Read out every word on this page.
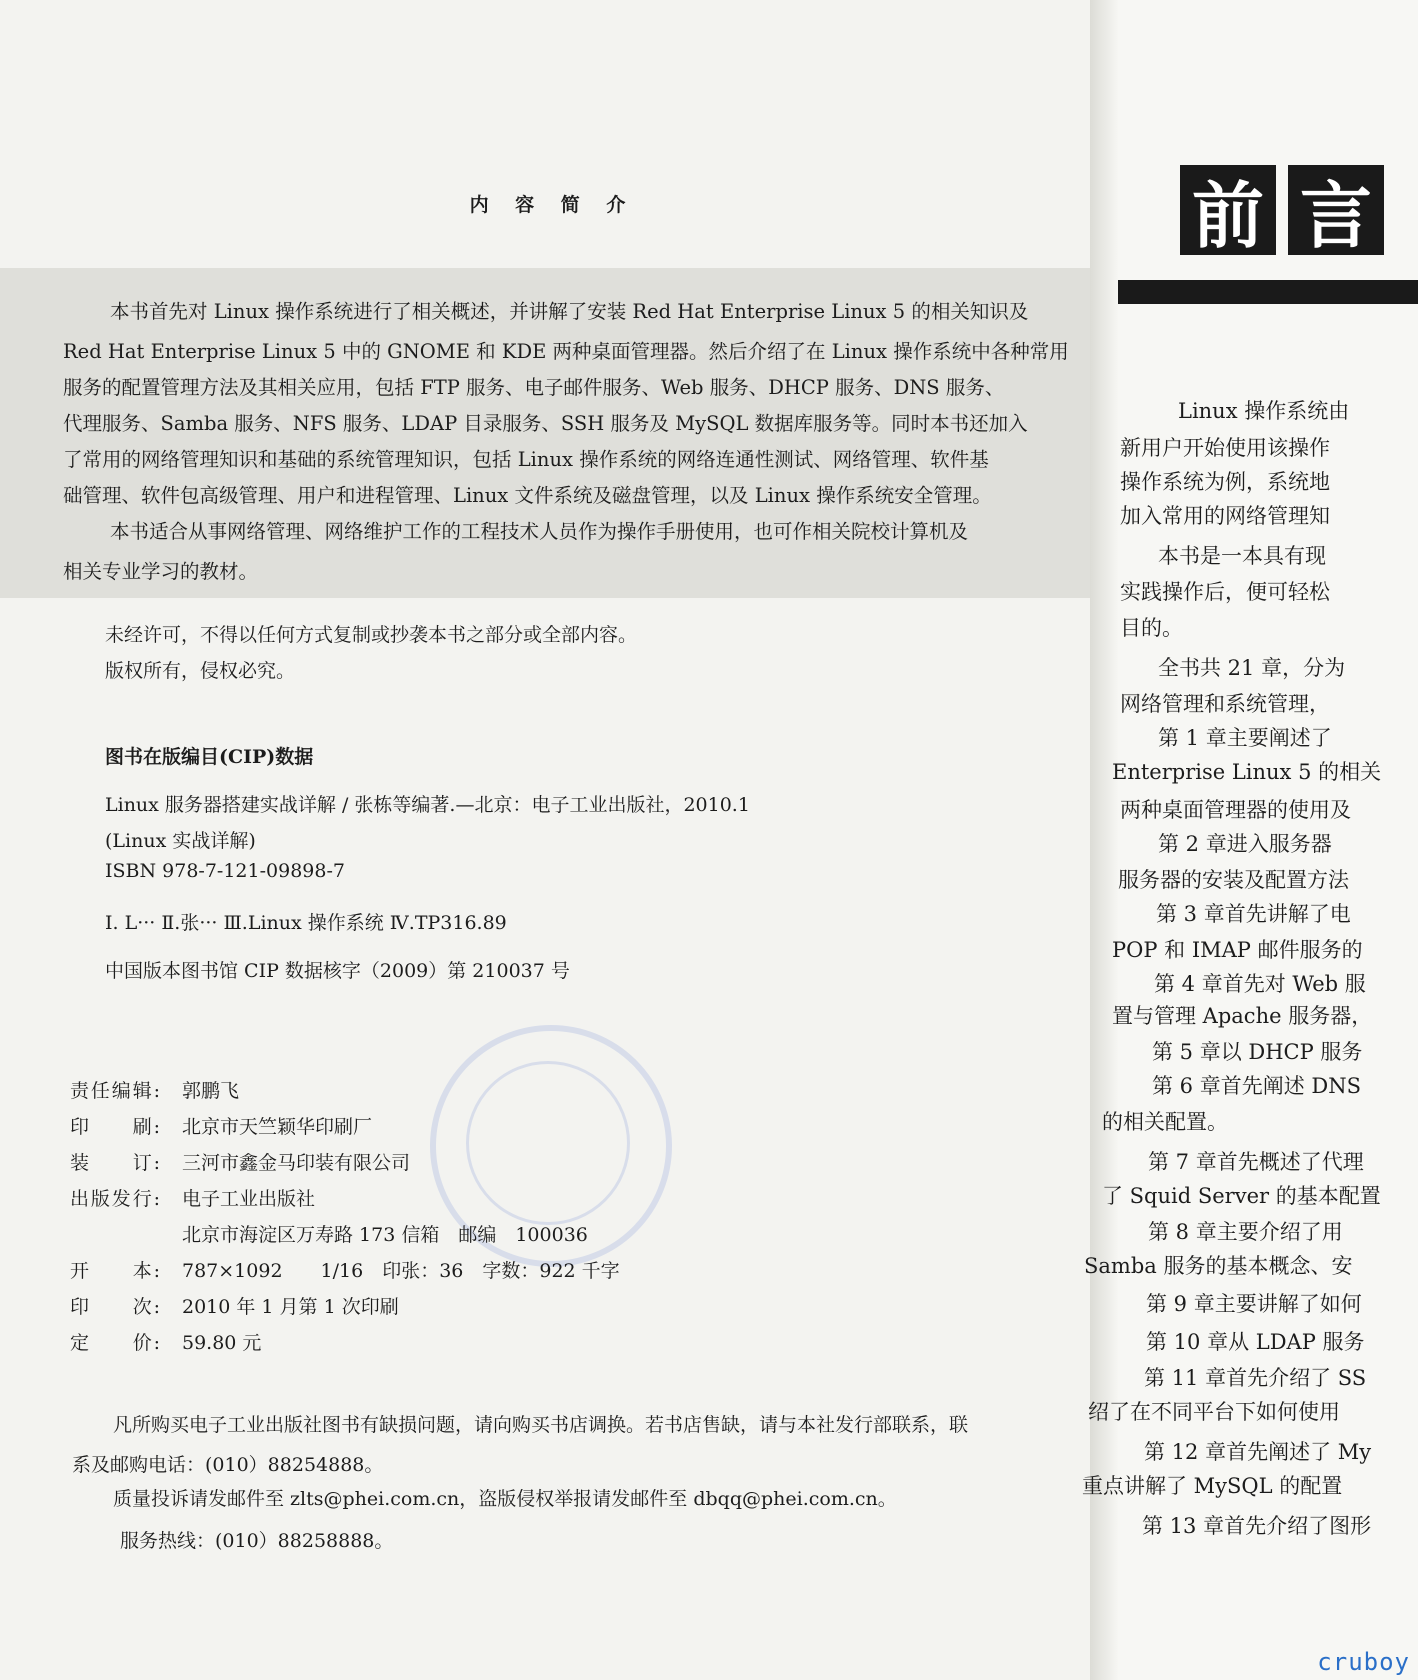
内 容 简 介
本书首先对 Linux 操作系统进行了相关概述，并讲解了安装 Red Hat Enterprise Linux 5 的相关知识及
Red Hat Enterprise Linux 5 中的 GNOME 和 KDE 两种桌面管理器。然后介绍了在 Linux 操作系统中各种常用
服务的配置管理方法及其相关应用，包括 FTP 服务、电子邮件服务、Web 服务、DHCP 服务、DNS 服务、
代理服务、Samba 服务、NFS 服务、LDAP 目录服务、SSH 服务及 MySQL 数据库服务等。同时本书还加入
了常用的网络管理知识和基础的系统管理知识，包括 Linux 操作系统的网络连通性测试、网络管理、软件基
础管理、软件包高级管理、用户和进程管理、Linux 文件系统及磁盘管理，以及 Linux 操作系统安全管理。
本书适合从事网络管理、网络维护工作的工程技术人员作为操作手册使用，也可作相关院校计算机及
相关专业学习的教材。
未经许可，不得以任何方式复制或抄袭本书之部分或全部内容。
版权所有，侵权必究。
图书在版编目(CIP)数据
Linux 服务器搭建实战详解 / 张栋等编著.—北京：电子工业出版社，2010.1
(Linux 实战详解)
ISBN 978-7-121-09898-7
I. L··· Ⅱ.张··· Ⅲ.Linux 操作系统 Ⅳ.TP316.89
中国版本图书馆 CIP 数据核字（2009）第 210037 号
责任编辑: 郭鹏飞
印　　刷: 北京市天竺颖华印刷厂
装　　订: 三河市鑫金马印装有限公司
出版发行: 电子工业出版社
北京市海淀区万寿路 173 信箱　邮编　100036
开　　本: 787×1092　　1/16　印张：36　字数：922 千字
印　　次: 2010 年 1 月第 1 次印刷
定　　价: 59.80 元
凡所购买电子工业出版社图书有缺损问题，请向购买书店调换。若书店售缺，请与本社发行部联系，联
系及邮购电话：(010）88254888。
质量投诉请发邮件至 zlts@phei.com.cn，盗版侵权举报请发邮件至 dbqq@phei.com.cn。
服务热线：(010）88258888。
前 言
Linux 操作系统由
新用户开始使用该操作
操作系统为例，系统地
加入常用的网络管理知
本书是一本具有现
实践操作后，便可轻松
目的。
全书共 21 章，分为
网络管理和系统管理，
第 1 章主要阐述了
Enterprise Linux 5 的相关
两种桌面管理器的使用及
第 2 章进入服务器
服务器的安装及配置方法
第 3 章首先讲解了电
POP 和 IMAP 邮件服务的
第 4 章首先对 Web 服
置与管理 Apache 服务器，
第 5 章以 DHCP 服务
第 6 章首先阐述 DNS
的相关配置。
第 7 章首先概述了代理
了 Squid Server 的基本配置
第 8 章主要介绍了用
Samba 服务的基本概念、安
第 9 章主要讲解了如何
第 10 章从 LDAP 服务
第 11 章首先介绍了 SS
绍了在不同平台下如何使用
第 12 章首先阐述了 My
重点讲解了 MySQL 的配置
第 13 章首先介绍了图形
cruboy
